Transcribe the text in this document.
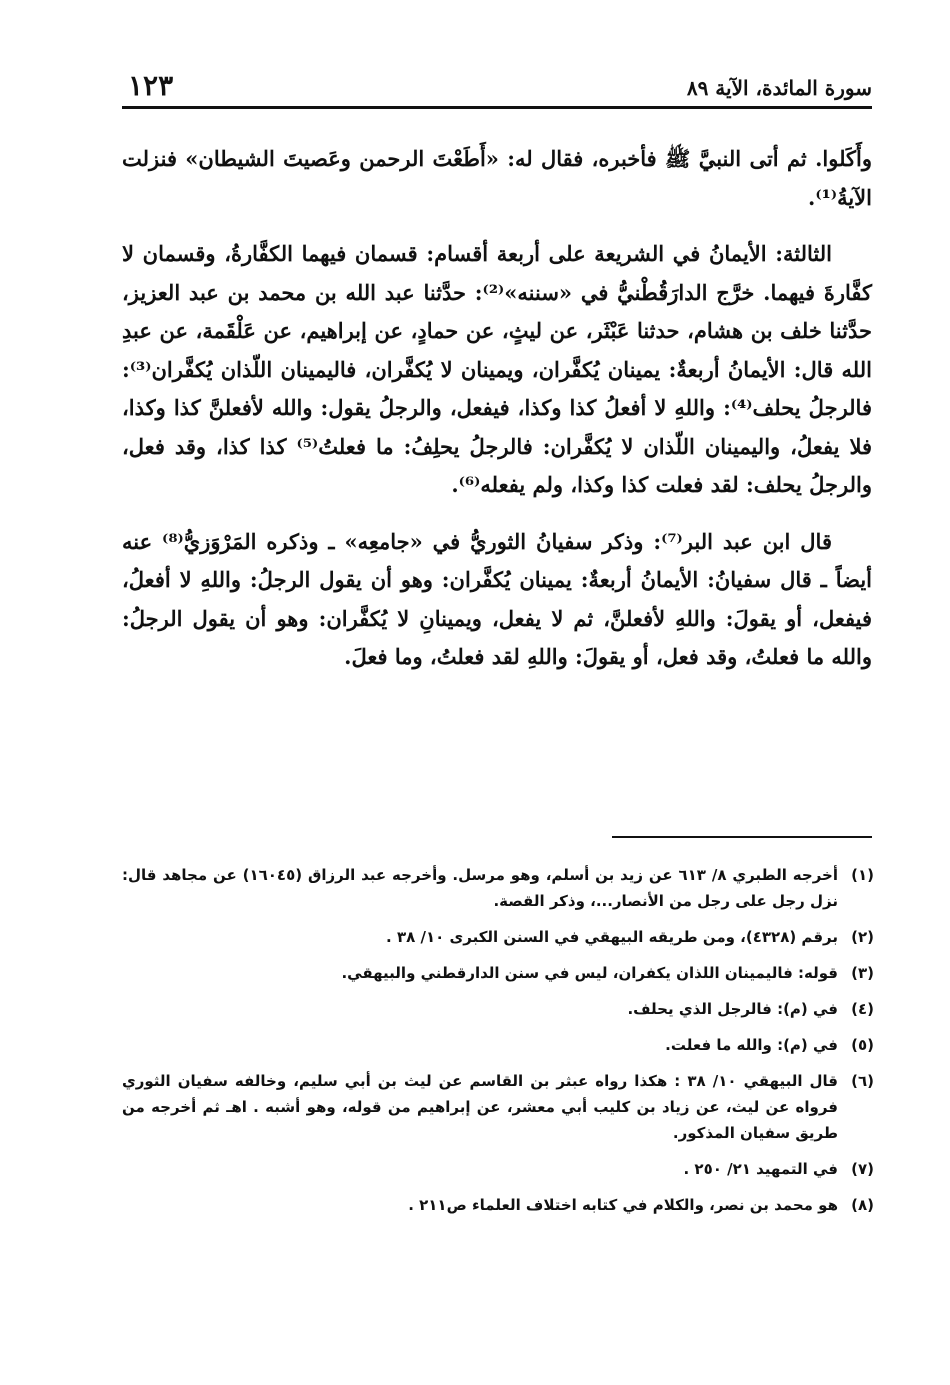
سورة المائدة، الآية ٨٩
١٢٣

وأَكَلوا. ثم أتى النبيَّ ﷺ فأخبره، فقال له: «أَطَعْتَ الرحمن وعَصيتَ الشيطان» فنزلت الآيةُ⁽¹⁾.

الثالثة: الأيمانُ في الشريعة على أربعة أقسام: قسمان فيهما الكفَّارةُ، وقسمان لا كفَّارةَ فيهما. خرَّج الدارَقُطْنيُّ في «سننه»⁽²⁾: حدَّثنا عبد الله بن محمد بن عبد العزيز، حدَّثنا خلف بن هشام، حدثنا عَبْثَر، عن ليثٍ، عن حمادٍ، عن إبراهيم، عن عَلْقَمة، عن عبدِ الله قال: الأيمانُ أربعةٌ: يمينان يُكفَّران، ويمينان لا يُكفَّران، فاليمينان اللّذان يُكفَّران⁽³⁾: فالرجلُ يحلف⁽⁴⁾: واللهِ لا أفعلُ كذا وكذا، فيفعل، والرجلُ يقول: والله لأفعلنَّ كذا وكذا، فلا يفعلُ، واليمينان اللّذان لا يُكفَّران: فالرجلُ يحلِفُ: ما فعلتُ⁽⁵⁾ كذا كذا، وقد فعل، والرجلُ يحلف: لقد فعلت كذا وكذا، ولم يفعله⁽⁶⁾.

قال ابن عبد البر⁽⁷⁾: وذكر سفيانُ الثوريُّ في «جامعِه» ـ وذكره المَرْوَزيُّ⁽⁸⁾ عنه أيضاً ـ قال سفيانُ: الأيمانُ أربعةٌ: يمينان يُكفَّران: وهو أن يقول الرجلُ: واللهِ لا أفعلُ، فيفعل، أو يقولَ: واللهِ لأفعلنَّ، ثم لا يفعل، ويمينانِ لا يُكفَّران: وهو أن يقول الرجلُ: والله ما فعلتُ، وقد فعل، أو يقولَ: واللهِ لقد فعلتُ، وما فعلَ.

(١)
أخرجه الطبري ٨/ ٦١٣ عن زيد بن أسلم، وهو مرسل. وأخرجه عبد الرزاق (١٦٠٤٥) عن مجاهد قال: نزل رجل على رجل من الأنصار...، وذكر القصة.
(٢)
برقم (٤٣٢٨)، ومن طريقه البيهقي في السنن الكبرى ١٠/ ٣٨ .
(٣)
قوله: فاليمينان اللذان يكفران، ليس في سنن الدارقطني والبيهقي.
(٤)
في (م): فالرجل الذي يحلف.
(٥)
في (م): والله ما فعلت.
(٦)
قال البيهقي ١٠/ ٣٨ : هكذا رواه عبثر بن القاسم عن ليث بن أبي سليم، وخالفه سفيان الثوري فرواه عن ليث، عن زياد بن كليب أبي معشر، عن إبراهيم من قوله، وهو أشبه . اهـ ثم أخرجه من طريق سفيان المذكور.
(٧)
في التمهيد ٢١/ ٢٥٠ .
(٨)
هو محمد بن نصر، والكلام في كتابه اختلاف العلماء ص٢١١ .
